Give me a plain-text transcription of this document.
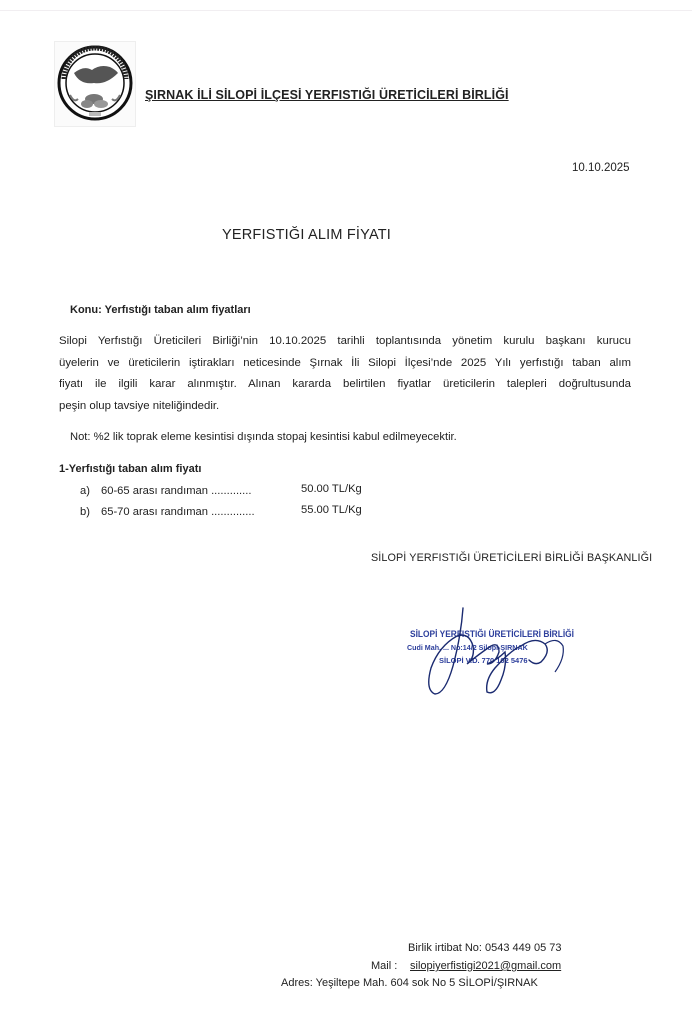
ŞIRNAK İLİ SİLOPİ İLÇESİ YERFISTIĞI ÜRETİCİLERİ BİRLİĞİ
10.10.2025
YERFISTIĞI ALIM FİYATI
Konu: Yerfıstığı taban alım fiyatları
Silopi Yerfıstığı Üreticileri Birliği’nin 10.10.2025 tarihli toplantısında yönetim kurulu başkanı kurucu
üyelerin ve üreticilerin iştirakları neticesinde Şırnak İli Silopi İlçesi’nde 2025 Yılı yerfıstığı taban alım
fiyatı ile ilgili karar alınmıştır. Alınan kararda belirtilen fiyatlar üreticilerin talepleri doğrultusunda
peşin olup tavsiye niteliğindedir.
Not: %2 lik toprak eleme kesintisi dışında stopaj kesintisi kabul edilmeyecektir.
1-Yerfıstığı taban alım fiyatı
a) 60-65 arası randıman .............	50.00 TL/Kg
b) 65-70 arası randıman ..............	55.00 TL/Kg
SİLOPİ YERFISTIĞI ÜRETİCİLERİ BİRLİĞİ BAŞKANLIĞI
SİLOPİ YERFISTIĞI ÜRETİCİLERİ BİRLİĞİ
Cudi Mah. ... No:14/2 Silopi-ŞIRNAK
SİLOPİ V.D. 770 102 5476
Birlik irtibat No: 0543 449 05 73
Mail : silopiyerfistigi2021@gmail.com
Adres: Yeşiltepe Mah. 604 sok No 5 SİLOPİ/ŞIRNAK
